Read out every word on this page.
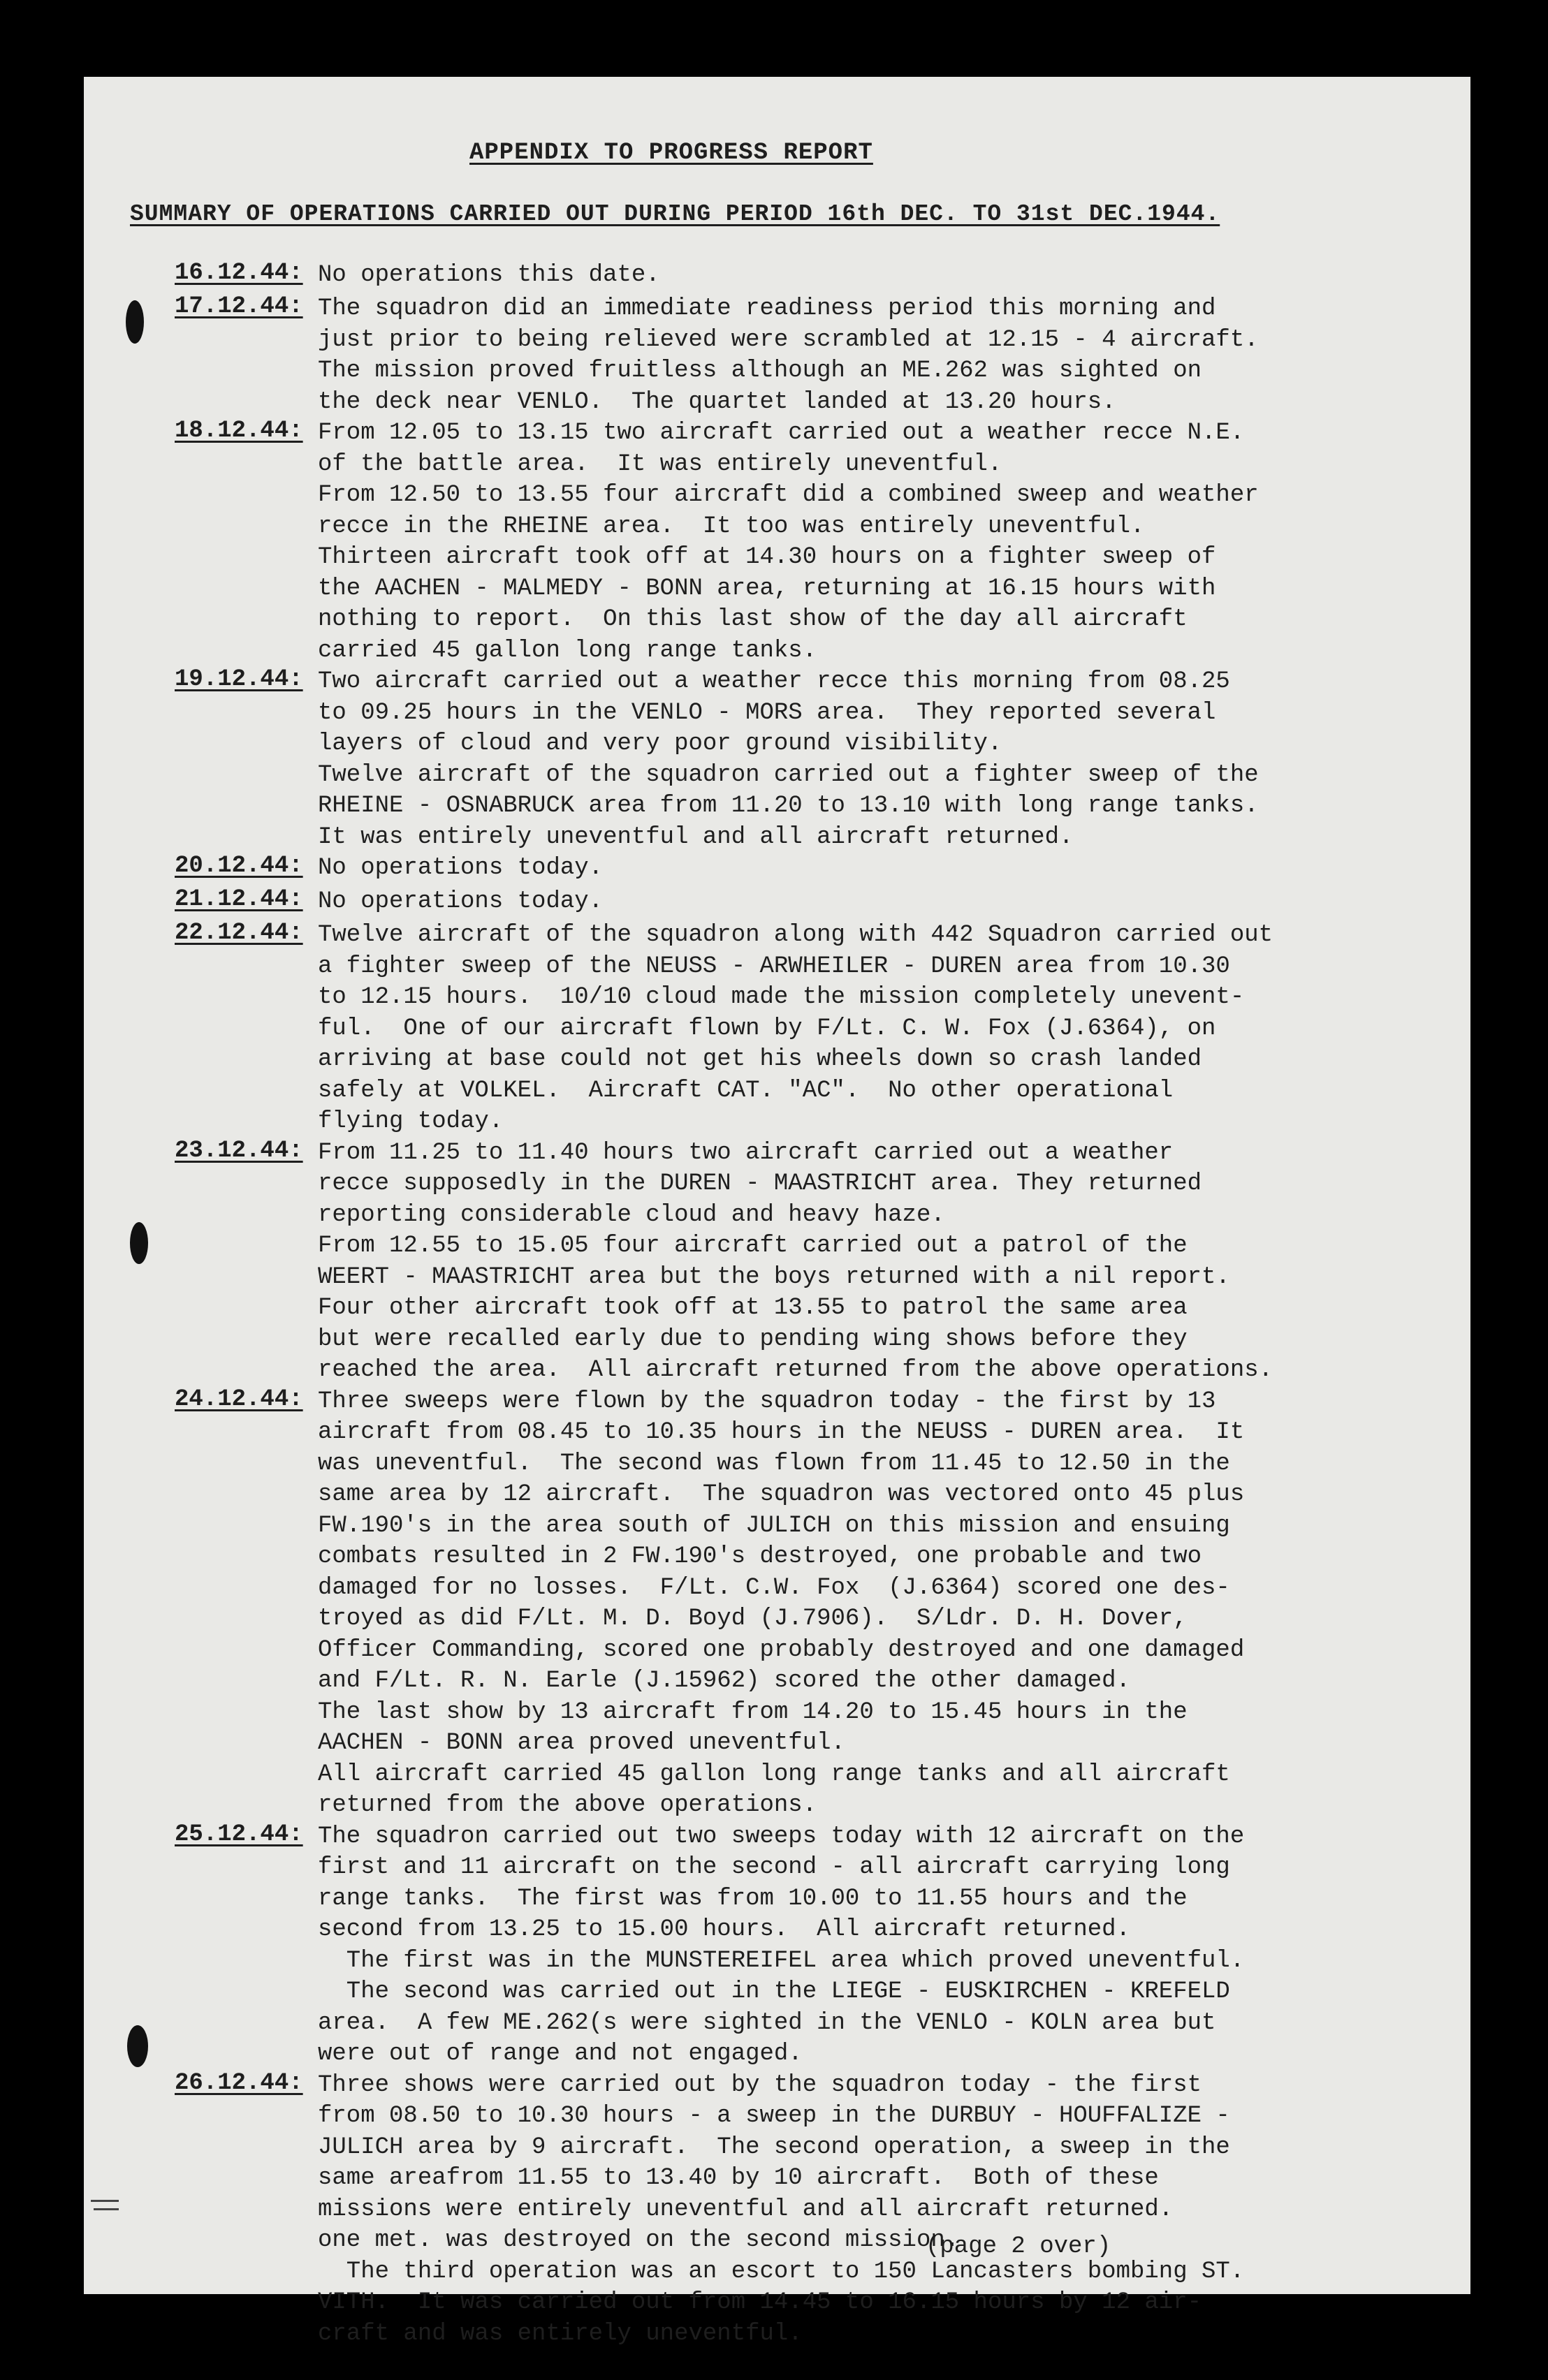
APPENDIX TO PROGRESS REPORT
SUMMARY OF OPERATIONS CARRIED OUT DURING PERIOD 16th DEC. TO 31st DEC.1944.
16.12.44: No operations this date.
17.12.44: The squadron did an immediate readiness period this morning and
just prior to being relieved were scrambled at 12.15 - 4 aircraft.
The mission proved fruitless although an ME.262 was sighted on
the deck near VENLO.  The quartet landed at 13.20 hours.
18.12.44: From 12.05 to 13.15 two aircraft carried out a weather recce N.E.
of the battle area.  It was entirely uneventful.
From 12.50 to 13.55 four aircraft did a combined sweep and weather
recce in the RHEINE area.  It too was entirely uneventful.
Thirteen aircraft took off at 14.30 hours on a fighter sweep of
the AACHEN - MALMEDY - BONN area, returning at 16.15 hours with
nothing to report.  On this last show of the day all aircraft
carried 45 gallon long range tanks.
19.12.44: Two aircraft carried out a weather recce this morning from 08.25
to 09.25 hours in the VENLO - MORS area.  They reported several
layers of cloud and very poor ground visibility.
Twelve aircraft of the squadron carried out a fighter sweep of the
RHEINE - OSNABRUCK area from 11.20 to 13.10 with long range tanks.
It was entirely uneventful and all aircraft returned.
20.12.44: No operations today.
21.12.44: No operations today.
22.12.44: Twelve aircraft of the squadron along with 442 Squadron carried out
a fighter sweep of the NEUSS - ARWHEILER - DUREN area from 10.30
to 12.15 hours.  10/10 cloud made the mission completely unevent-
ful.  One of our aircraft flown by F/Lt. C. W. Fox (J.6364), on
arriving at base could not get his wheels down so crash landed
safely at VOLKEL.  Aircraft CAT. "AC".  No other operational
flying today.
23.12.44: From 11.25 to 11.40 hours two aircraft carried out a weather
recce supposedly in the DUREN - MAASTRICHT area. They returned
reporting considerable cloud and heavy haze.
From 12.55 to 15.05 four aircraft carried out a patrol of the
WEERT - MAASTRICHT area but the boys returned with a nil report.
Four other aircraft took off at 13.55 to patrol the same area
but were recalled early due to pending wing shows before they
reached the area.  All aircraft returned from the above operations.
24.12.44: Three sweeps were flown by the squadron today - the first by 13
aircraft from 08.45 to 10.35 hours in the NEUSS - DUREN area.  It
was uneventful.  The second was flown from 11.45 to 12.50 in the
same area by 12 aircraft.  The squadron was vectored onto 45 plus
FW.190's in the area south of JULICH on this mission and ensuing
combats resulted in 2 FW.190's destroyed, one probable and two
damaged for no losses.  F/Lt. C.W. Fox  (J.6364) scored one des-
troyed as did F/Lt. M. D. Boyd (J.7906).  S/Ldr. D. H. Dover,
Officer Commanding, scored one probably destroyed and one damaged
and F/Lt. R. N. Earle (J.15962) scored the other damaged.
The last show by 13 aircraft from 14.20 to 15.45 hours in the
AACHEN - BONN area proved uneventful.
All aircraft carried 45 gallon long range tanks and all aircraft
returned from the above operations.
25.12.44: The squadron carried out two sweeps today with 12 aircraft on the
first and 11 aircraft on the second - all aircraft carrying long
range tanks.  The first was from 10.00 to 11.55 hours and the
second from 13.25 to 15.00 hours.  All aircraft returned.
The first was in the MUNSTEREIFEL area which proved uneventful.
The second was carried out in the LIEGE - EUSKIRCHEN - KREFELD
area.  A few ME.262(s were sighted in the VENLO - KOLN area but
were out of range and not engaged.
26.12.44: Three shows were carried out by the squadron today - the first
from 08.50 to 10.30 hours - a sweep in the DURBUY - HOUFFALIZE -
JULICH area by 9 aircraft.  The second operation, a sweep in the
same areafrom 11.55 to 13.40 by 10 aircraft.  Both of these
missions were entirely uneventful and all aircraft returned.
one met. was destroyed on the second mission.
The third operation was an escort to 150 Lancasters bombing ST.
VITH.  It was carried out from 14.45 to 16.15 hours by 12 air-
craft and was entirely uneventful.
(page 2 over)
